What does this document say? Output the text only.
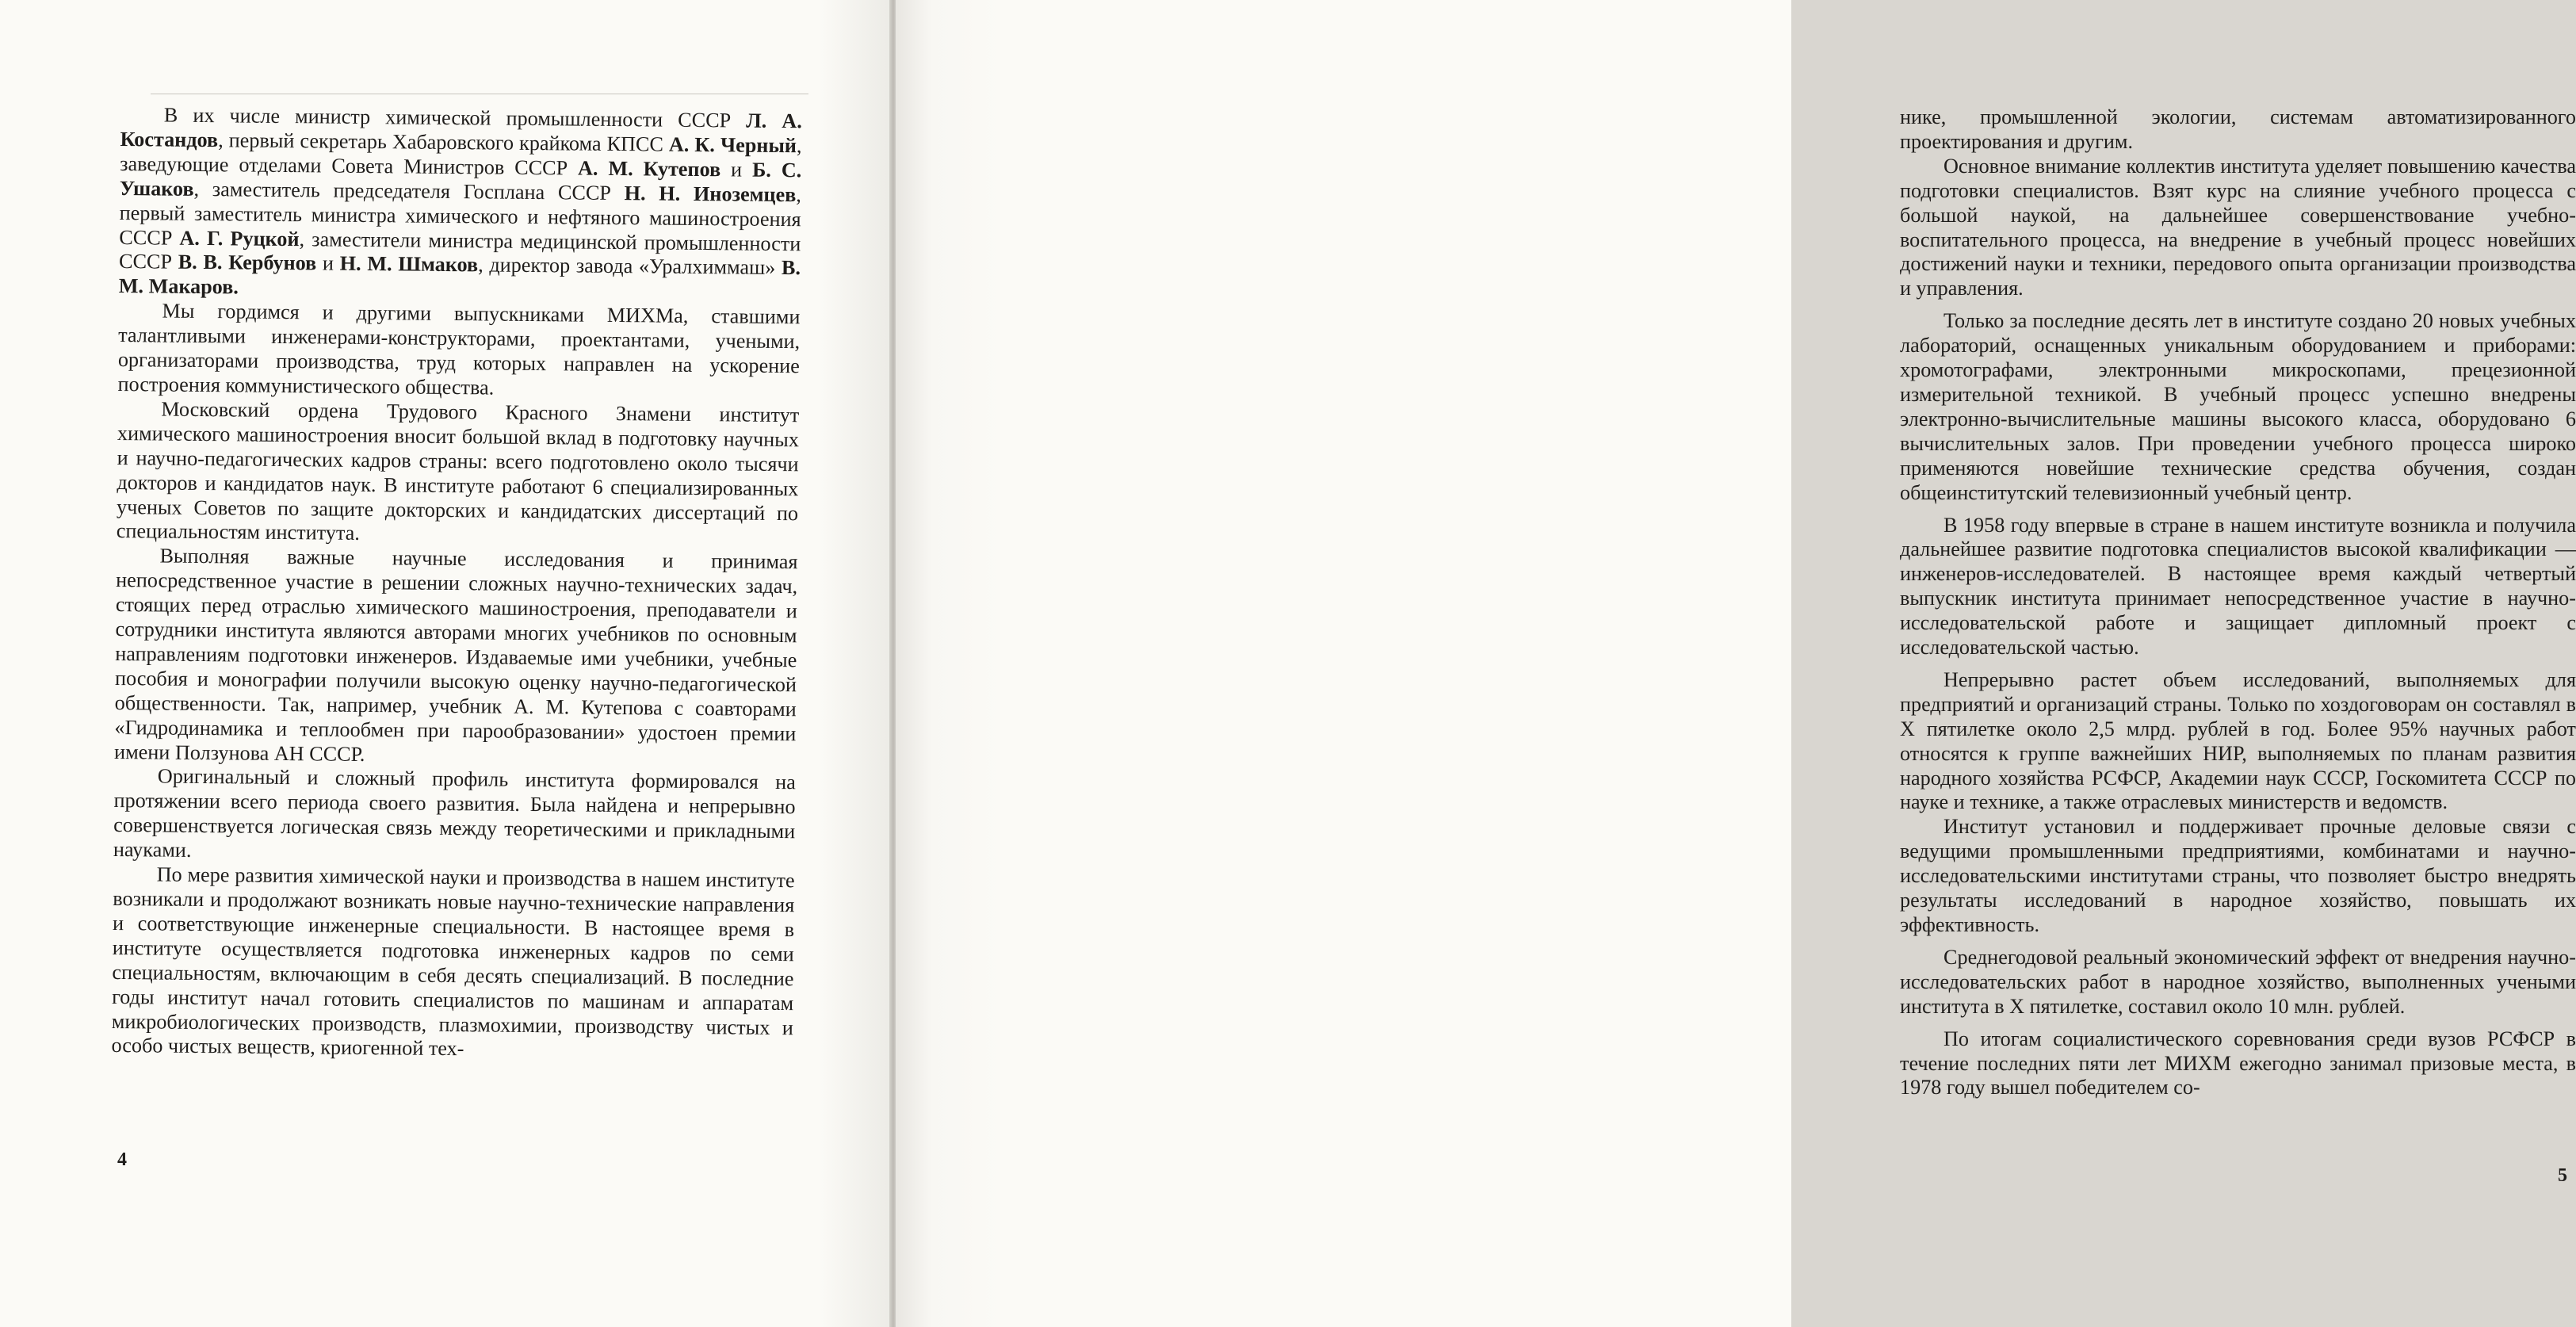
В их числе министр химической промышленности СССР Л. А. Костандов, первый секретарь Хабаровского крайкома КПСС А. К. Черный, заведующие отделами Совета Министров СССР А. М. Кутепов и Б. С. Ушаков, заместитель председателя Госплана СССР Н. Н. Иноземцев, первый заместитель министра химического и нефтяного машиностроения СССР А. Г. Руцкой, заместители министра медицинской промышленности СССР В. В. Кербунов и Н. М. Шмаков, директор завода «Уралхиммаш» В. М. Макаров.

Мы гордимся и другими выпускниками МИХМа, ставшими талантливыми инженерами-конструкторами, проектантами, учеными, организаторами производства, труд которых направлен на ускорение построения коммунистического общества.

Московский ордена Трудового Красного Знамени институт химического машиностроения вносит большой вклад в подготовку научных и научно-педагогических кадров страны: всего подготовлено около тысячи докторов и кандидатов наук. В институте работают 6 специализированных ученых Советов по защите докторских и кандидатских диссертаций по специальностям института.

Выполняя важные научные исследования и принимая непосредственное участие в решении сложных научно-технических задач, стоящих перед отраслью химического машиностроения, преподаватели и сотрудники института являются авторами многих учебников по основным направлениям подготовки инженеров. Издаваемые ими учебники, учебные пособия и монографии получили высокую оценку научно-педагогической общественности. Так, например, учебник А. М. Кутепова с соавторами «Гидродинамика и теплообмен при парообразовании» удостоен премии имени Ползунова АН СССР.

Оригинальный и сложный профиль института формировался на протяжении всего периода своего развития. Была найдена и непрерывно совершенствуется логическая связь между теоретическими и прикладными науками.

По мере развития химической науки и производства в нашем институте возникали и продолжают возникать новые научно-технические направления и соответствующие инженерные специальности. В настоящее время в институте осуществляется подготовка инженерных кадров по семи специальностям, включающим в себя десять специализаций. В последние годы институт начал готовить специалистов по машинам и аппаратам микробиологических производств, плазмохимии, производству чистых и особо чистых веществ, криогенной тех-

4

нике, промышленной экологии, системам автоматизированного проектирования и другим.

Основное внимание коллектив института уделяет повышению качества подготовки специалистов. Взят курс на слияние учебного процесса с большой наукой, на дальнейшее совершенствование учебно-воспитательного процесса, на внедрение в учебный процесс новейших достижений науки и техники, передового опыта организации производства и управления.

Только за последние десять лет в институте создано 20 новых учебных лабораторий, оснащенных уникальным оборудованием и приборами: хромотографами, электронными микроскопами, прецезионной измерительной техникой. В учебный процесс успешно внедрены электронно-вычислительные машины высокого класса, оборудовано 6 вычислительных залов. При проведении учебного процесса широко применяются новейшие технические средства обучения, создан общеинститутский телевизионный учебный центр.

В 1958 году впервые в стране в нашем институте возникла и получила дальнейшее развитие подготовка специалистов высокой квалификации — инженеров-исследователей. В настоящее время каждый четвертый выпускник института принимает непосредственное участие в научно-исследовательской работе и защищает дипломный проект с исследовательской частью.

Непрерывно растет объем исследований, выполняемых для предприятий и организаций страны. Только по хоздоговорам он составлял в X пятилетке около 2,5 млрд. рублей в год. Более 95% научных работ относятся к группе важнейших НИР, выполняемых по планам развития народного хозяйства РСФСР, Академии наук СССР, Госкомитета СССР по науке и технике, а также отраслевых министерств и ведомств.

Институт установил и поддерживает прочные деловые связи с ведущими промышленными предприятиями, комбинатами и научно-исследовательскими институтами страны, что позволяет быстро внедрять результаты исследований в народное хозяйство, повышать их эффективность.

Среднегодовой реальный экономический эффект от внедрения научно-исследовательских работ в народное хозяйство, выполненных учеными института в X пятилетке, составил около 10 млн. рублей.

По итогам социалистического соревнования среди вузов РСФСР в течение последних пяти лет МИХМ ежегодно занимал призовые места, в 1978 году вышел победителем со-

5
